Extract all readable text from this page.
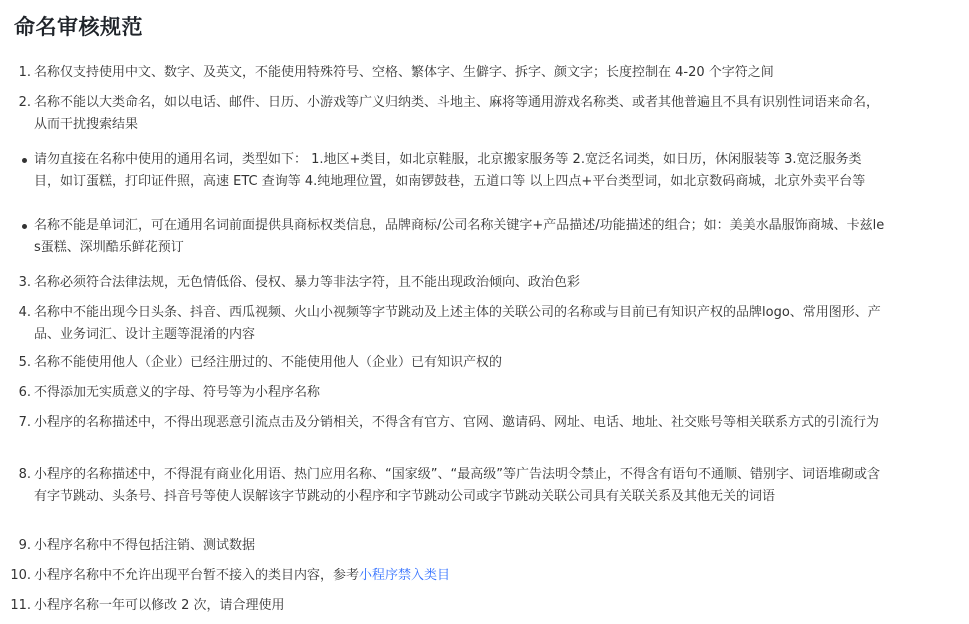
命名审核规范
1. 名称仅支持使用中文、数字、及英文，不能使用特殊符号、空格、繁体字、生僻字、拆字、颜文字；长度控制在 4-20 个字符之间
2. 名称不能以大类命名，如以电话、邮件、日历、小游戏等广义归纳类、斗地主、麻将等通用游戏名称类、或者其他普遍且不具有识别性词语来命名，从而干扰搜索结果
请勿直接在名称中使用的通用名词，类型如下： 1.地区+类目，如北京鞋服，北京搬家服务等 2.宽泛名词类，如日历，休闲服装等 3.宽泛服务类目，如订蛋糕，打印证件照，高速 ETC 查询等 4.纯地理位置，如南锣鼓巷，五道口等 以上四点+平台类型词，如北京数码商城，北京外卖平台等
名称不能是单词汇，可在通用名词前面提供具商标权类信息，品牌商标/公司名称关键字+产品描述/功能描述的组合；如：美美水晶服饰商城、卡兹les蛋糕、深圳酷乐鲜花预订
3. 名称必须符合法律法规，无色情低俗、侵权、暴力等非法字符，且不能出现政治倾向、政治色彩
4. 名称中不能出现今日头条、抖音、西瓜视频、火山小视频等字节跳动及上述主体的关联公司的名称或与目前已有知识产权的品牌logo、常用图形、产品、业务词汇、设计主题等混淆的内容
5. 名称不能使用他人（企业）已经注册过的、不能使用他人（企业）已有知识产权的
6. 不得添加无实质意义的字母、符号等为小程序名称
7. 小程序的名称描述中，不得出现恶意引流点击及分销相关，不得含有官方、官网、邀请码、网址、电话、地址、社交账号等相关联系方式的引流行为
8. 小程序的名称描述中，不得混有商业化用语、热门应用名称、“国家级”、“最高级”等广告法明令禁止，不得含有语句不通顺、错别字、词语堆砌或含有字节跳动、头条号、抖音号等使人误解该字节跳动的小程序和字节跳动公司或字节跳动关联公司具有关联关系及其他无关的词语
9. 小程序名称中不得包括注销、测试数据
10. 小程序名称中不允许出现平台暂不接入的类目内容，参考小程序禁入类目
11. 小程序名称一年可以修改 2 次，请合理使用
